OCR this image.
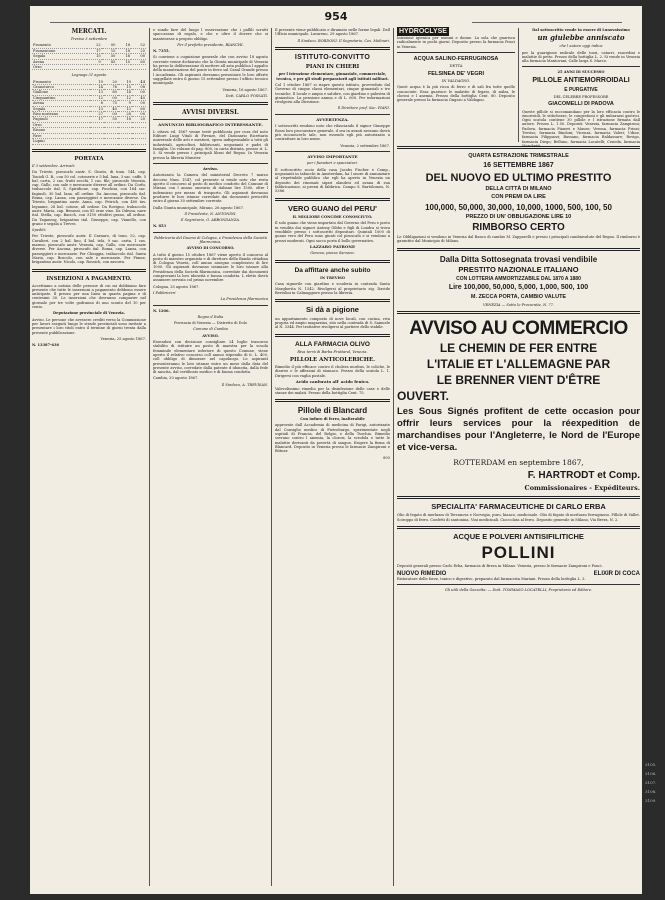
954

MERCATI.

Treviso 3 settembre

Frumento	22	00	18	52
Frumentone	17	15	18	25
Segala	15	50	16	00
Avena	9	85	10	60
Orzo				

Legnago 31 agosto

Frumento	19	20	19	44
Granoturco	14	76	15	08
Giallone	13	80	14	00
Cinquantino	12	00	12	40
Avena	8	75	9	00
Segala	13	40	13	60
Riso nostrano	27	00	28	00
Fagiuoli	17	50	18	20
Orzo				
Risone				
Fave				
Lupini				

PORTATA

Il 3 settembre. Arrivati:

Da Trieste, piroscafo austr. S. Giusto, di tonn. 144, cap. Tonioli G. B., con 50 col. cotonerie e 5 bal. lana, 3 sac. caffe, 5 bal. carta, 2 cas. frutti secchi, 1 cas. filo; piroscafo Venezia, cap. Gallo, con sale e mercanzie diverse all ordine; Da Corfu, trabaccolo ital. S. Spiridione, cap. Foschini, con 164 sac. fagiuoli, 30 bal. lana, all ordine. Da Ancona, piroscafo ital. Roma, cap. Lanza, con passeggieri e mercanzie diverse. Da Trieste, brigantino austr. Anna, cap. Petrich, con 400 tav. legname, 28 bal. cotone, all ordine. Da Rovigno, trabaccolo austr. Maria, cap. Benussi, con 85 orne vino. Da Odessa, nave ital. Stella, cap. Bacich, con 3150 ettolitri grano, all ordine. Da Taganrog, brigantino ital. Giuseppe, cap. Vianello, con grano e segala a Treves.

Spediti:

Per Trieste, piroscafo austr. Il Carnaro, di tonn. 52, cap. Cavalieri, con 2 bal. lino, 4 bal. tela, 9 sac. carta, 1 cas. marmo; piroscafo austr. Venezia, cap. Gallo, con mercanzie diverse. Per Ancona, piroscafo ital. Roma, cap. Lanza, con passeggieri e mercanzie. Per Chioggia, trabaccolo ital. Santa Maria, cap. Boscolo, con sale e mercanzie. Per Fiume, brigantino austr. Nicolo, cap. Rossich, con zavorra.

INSERZIONI A PAGAMENTO.

Accettiamo a notizia delle persone di cui mi dobbiamo fare presente che tutte le inserzioni a pagamento debbono essere anticipate. Il prezzo per una linea in quarta pagina e di centesimi 30. Le inserzioni che dovranno comparire nel giornale per tre volte godranno di uno sconto del 10 per cento.

Deputazione provinciale di Venezia.

Avviso. Le persone che avessero crediti verso la Commissione per lavori eseguiti lungo le strade provinciali sono invitate a presentare i loro titoli entro il termine di giorni trenta dalla presente pubblicazione.

Venezia, 25 agosto 1867.

N. 13387-636

e sondo fare del luogo l osservazione che i pallili scrutti spaccavano di regalo, e che e oltre il dovere che si mantenesse a proprio obbligo.

Per il prefetto presidente, BIANCHI.

N. 7355.

Si conviene a cognizione generale che con avviso 18 agosto corrente venne dichiarato che la Giunta municipale di Venezia ha preso la deliberazione di mettere all asta pubblica l appalto della manutenzione del ponte in ferro sul Canal Grande presso l Accademia. Gli aspiranti dovranno presentare le loro offerte suggellate entro il giorno 15 settembre presso l ufficio tecnico municipale.

Venezia, 16 agosto 1867.

Dott. CARLO FOSSATI.

AVVISI DIVERSI.

ANNUNCIO BIBLIOGRAFICO INTERESSANTE.

L ottava ed. 1867 venne testé pubblicata per cura del noto Editore Luigi Vitali di Firenze, del Dizionario Ricettario universale delle arti e mestieri, opera indispensabile a tutti gli industriali, agricoltori, fabbricanti, negozianti e padri di famiglia. Un volume di pag. 800, in carta distinta, prezzo it. L. 5. Si vende presso i principali librai del Regno. In Venezia presso la libreria Munster.

Avviso.

Autorizzato la Camera del ministerial Decreto 7 marzo decorso Num. 1547, col presente si rende noto che resta aperto il concorso al posto di medico condotto del Comune di Mirano con l annuo onorario di italiane lire 1500, oltre l indennizzo per mezzo di trasporto. Gli aspiranti dovranno produrre le loro istanze corredate dai documenti prescritti entro il giorno 30 settembre corrente.

Dalla Giunta municipale, Mirano, 26 agosto 1867.

Il Presidente, N. ANTONINI.

Il Segretario, G. ABBONDANZA.

N. 853

Fabbriceria del Duomo di Cologna, e Presidenza della Società filarmonica.

AVVISO DI CONCORSO.

A tutto il giorno 15 ottobre 1867 viene aperto il concorso al posto di maestro organista e di direttore della Banda cittadina di Cologna Veneta, coll annuo assegno complessivo di lire 1000. Gli aspiranti dovranno insinuare le loro istanze alla Presidenza della Società filarmonica, corredate dai documenti comprovanti la loro idoneità e buona condotta. L eletto dovrà assumere servizio col primo novembre.

Cologna, 25 agosto 1867.

I Fabbricieri

La Presidenza filarmonica

N. 1206.

Regno d Italia

Provincia di Venezia — Distretto di Dolo

Comune di Cambia

AVVISO.

Essendosi con decisione consigliare 24 luglio trascorso stabilito di istituire un posto di maestra per la scuola femminile elementare inferiore di questo Comune, viene aperto il relativo concorso coll annuo stipendio di it. L. 400, coll obbligo di dimorare nel capoluogo. Le aspiranti presenteranno le loro istanze entro un mese dalla data del presente avviso, corredate dalla patente d idoneita, dalla fede di nascita, dal certificato medico e di buona condotta.

Cambia, 20 agosto 1867.

Il Sindaco, A. TREVISAN.

Il presente viene pubblicato e diramato nelle forme legali. Dall Ufficio municipale, Lavareno, 29 agosto 1867.

Il Sindaco, BORDONI. Il Segretario, Ces. Molinari.

ISTITUTO-CONVITTO

PIANI IN CHIERI

per l istruzione elementare, ginnasiale, commerciale, tecnica, e per gli studi preparatorii agli istituti militari.

Col 1 ottobre 1867 si riapre questo istituto, provveduto dal Governo di cinque classi elementari, cinque ginnasiali e tre tecniche. Il locale e ampio e salubre, con giardino e palestra di ginnastica. La pensione annua e di L. 600. Per informazioni rivolgersi alla Direzione.

Il Direttore prof. Sac. PIANI.

AVVERTENZA.

I sottoscritti rendono noto che rilasciando il signor Giuseppe Rossi loro procuratore generale, d ora in avanti nessuno dovrà più riconoscerlo tale, non essendo egli più autorizzato a contrattare in loro nome.

Venezia, 2 settembre 1867.

AVVISO IMPORTANTE

per i fumatori e spacciatori.

Il sottoscritto socio della casa Jacobs Fischer e Comp., negozianti in tabacchi in Amsterdam, ha l onore di annunziare al rispettabile pubblico che egli ha aperto in Venezia un deposito dei rinomati sigari olandesi ed avana di sua fabbricazione, ai prezzi di fabbrica. Campo S. Bartolomeo, N. 5386.

VERO GUANO del PERU'

IL MIGLIORE CONCIME CONOSCIUTO.

Il solo guano che viene importato dal Governo del Peru e posto in vendita dai signori Antony Gibbs e figli di Londra si trova vendibile presso i sottoscritti depositari. Quintali 1000 di guano vero del Peru sono giunti col piroscafo e si vendono a prezzi moderati. Ogni sacco porta il bollo governativo.

LAZZARO PATRONE

Genova, piazza Sarzano.

Da affittare anche subito

IN TREVISO

Casa signorile con giardino e scuderia in contrada Santa Margherita N. 1542. Rivolgersi al proprietario sig. Davide Bertolini in Calmaggiore presso la libreria.

Si dà a pigione

un appartamento composto di nove locali, con cucina, riva propria ed ampio magazzino, sito nella contrada di S. Samuele al N. 3344. Per trattative rivolgersi al portiere dello stabile.

ALLA FARMACIA OLIVO

Riva terrà di Barba Fruttarol, Venezia.

PILLOLE ANTICOLERICHE.

Rimedio il più efficace contro il cholera morbus, le coliche, le diarree e le affezioni di stomaco. Prezzo della scatola L. 1. Dirigersi con vaglia postale.

Acido canforato all' acido fenico.

Valevolissimo rimedio per la disinfezione delle case e delle stanze dei malati. Prezzo della bottiglia Cent. 75.

Pillole di Blancard

Con ioduro di ferro, inalterabile

approvate dall Accademia di medicina di Parigi, autorizzate dal Consiglio medico di Pietroburgo, sperimentate negli ospitali di Francia, del Belgio, e della Turchia. Rimedio sovrano contro l anemia, la clorosi, la scrofola e tutte le malattie derivanti da povertà di sangue. Esigere la firma di Blancard. Deposito in Venezia presso le farmacie Zampironi e Bötner.

893

HYDROCLYSE

Iniezione igienica per uomini e donne. La sola che guarisca radicalmente in pochi giorni. Deposito presso la farmacia Ponci in Venezia.

ACQUA SALINO-FERRUGINOSA

DETTA

FELSINEA DE' VEGRI

IN VALDAGNO.

Quest acqua è la più ricca di ferro e di sali fra tutte quelle conosciute. Essa guarisce le malattie di fegato, di milza, le clorosi e l anemia. Prezzo della bottiglia Cent. 80. Deposito generale presso la farmacia Ongaro a Valdagno.

QUARTA ESTRAZIONE TRIMESTRALE

16 SETTEMBRE 1867

DEL NUOVO ED ULTIMO PRESTITO

DELLA CITTÀ DI MILANO

CON PREMI DA LIRE

100,000, 50,000, 30,000, 10,000, 1000, 500, 100, 50

PREZZO DI UN' OBBLIGAZIONE LIRE 10

RIMBORSO CERTO

Le Obbligazioni si vendono in Venezia dal Banco di cambio M. Zapparelli e presso i principali cambiavalute del Regno. Il rimborso è garantito dal Municipio di Milano.

Dalla Ditta Sottosegnata trovasi vendibile

PRESTITO NAZIONALE ITALIANO

CON LOTTERIA AMMORTIZZABILE DAL 1870 A 1880

Lire 100,000, 50,000, 5,000, 1,000, 500, 100

M. ZECCA PORTA, CAMBIO VALUTE

VENEZIA — Sotto le Procuratie, N. 77.

AVVISO AU COMMERCIO

LE CHEMIN DE FER ENTRE

L'ITALIE ET L'ALLEMAGNE PAR

LE BRENNER VIENT D'ÊTRE

OUVERT.

Les Sous Signés profitent de cette occasion pour offrir leurs services pour la réexpedition de marchandises pour l'Angleterre, le Nord de l'Europe et vice-versa.

ROTTERDAM en septembre 1867,

F. HARTRODT et Comp.

Commissionaires - Expéditeurs.

SPECIALITA' FARMACEUTICHE DI CARLO ERBA

Olio di fegato di merluzzo di Terranova e Norvegia, puro, bianco, medicinale. Olio di fegato di merluzzo ferruginoso. Pillole di Vallet. Sciroppo di ferro. Confetti di santonina. Vini medicinali. Cioccolata al ferro. Deposito generale in Milano, Via Brera, N. 2.

ACQUE E POLVERI ANTISIFILITICHE

POLLINI

Depositi generali presso Carlo Erba, farmacia di Brera in Milano. Venezia, presso le farmacie Zampironi e Ponci.

NUOVO RIMEDIO	ELIXIR DI COCA

Ristoratore delle forze, tonico e digestivo, preparato dal farmacista Mariani. Prezzo della bottiglia L. 3.

Gli utili della Gazzetta. — Dott. TOMMASO LOCATELLI, Proprietario ed Editore.

Dal sottoscritto vende in essere di Lunovaissimo

un giulebbe anniscato

che l autore oggi indica

per la guarigione radicale delle tossi, catarri, raucedini e malattie di petto. Prezzo della bottiglia L. 2. Si vende in Venezia alla farmacia Mantovani, Calle larga S. Marco.

25 ANNI DI SUCCESSO

PILLOLE ANTIEMORROIDALI

E PURGATIVE

DEL CELEBRE PROFESSORE

GIACOMELLI DI PADOVA

Queste pillole si raccomandano per la loro efficacia contro le emorroidi, le stitichezze, le congestioni e gli imbarazzi gastrici. Ogni scatola contiene 30 pillole e l istruzione firmata dall autore. Prezzo L. 1.50. Depositi: Venezia, farmacia Zampironi; Padova, farmacia Pianeri e Mauro; Verona, farmacia Frinzi; Treviso, farmacia Bindoni; Vicenza, farmacia Valeri; Udine, farmacia Filippuzzi; Bassano, farmacia Baldassare; Rovigo, farmacia Diego; Belluno, farmacia Locatelli; Ceneda, farmacia Marchetti.

3105.
3106.
3107.
3108.
3109.
